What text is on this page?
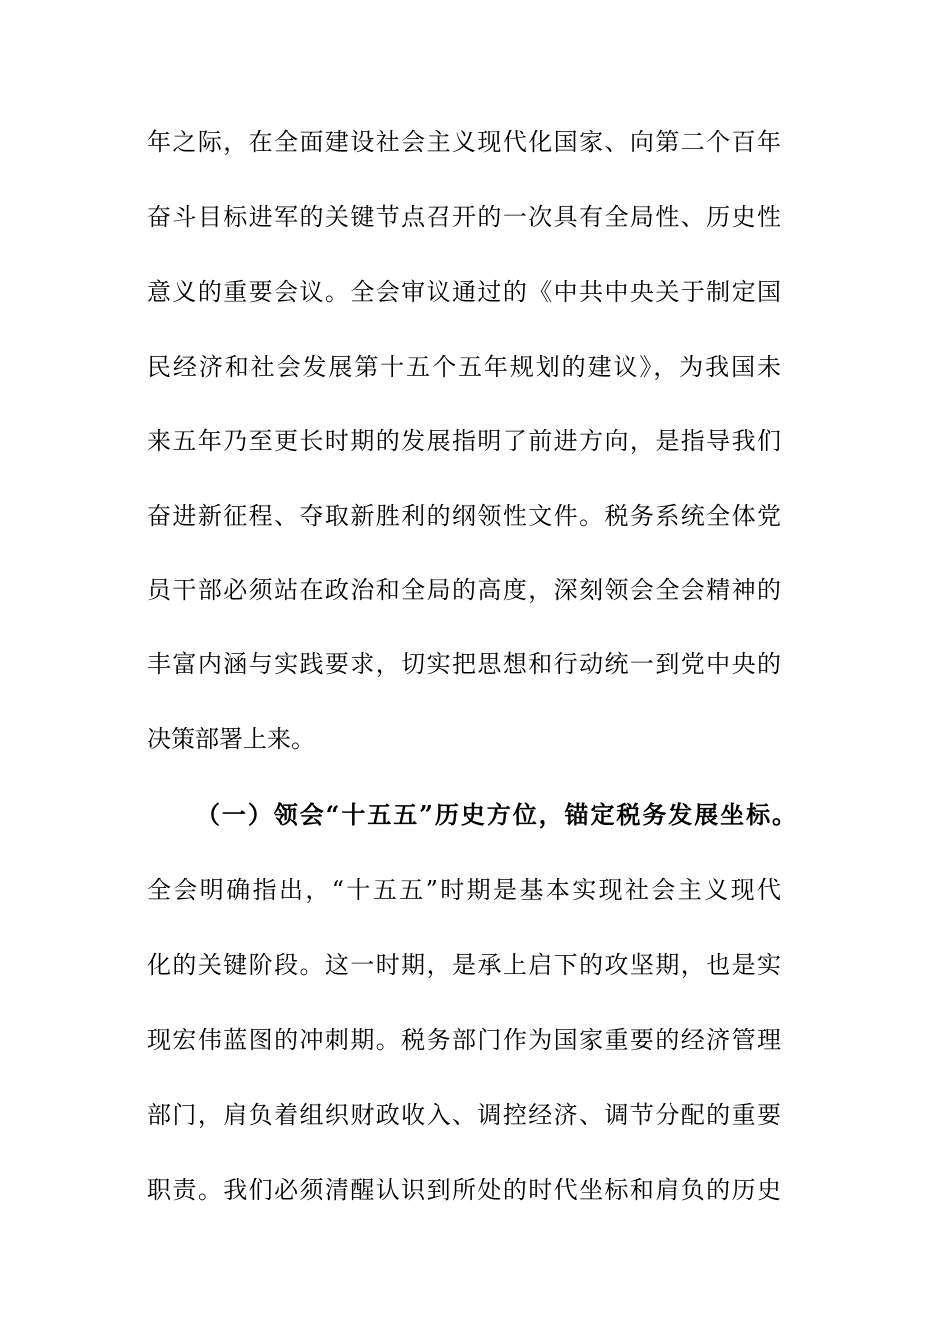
年之际，在全面建设社会主义现代化国家、向第二个百年
奋斗目标进军的关键节点召开的一次具有全局性、历史性
意义的重要会议。全会审议通过的《中共中央关于制定国
民经济和社会发展第十五个五年规划的建议》，为我国未
来五年乃至更长时期的发展指明了前进方向，是指导我们
奋进新征程、夺取新胜利的纲领性文件。税务系统全体党
员干部必须站在政治和全局的高度，深刻领会全会精神的
丰富内涵与实践要求，切实把思想和行动统一到党中央的
决策部署上来。
（一）领会“十五五”历史方位，锚定税务发展坐标。
全会明确指出，“十五五”时期是基本实现社会主义现代
化的关键阶段。这一时期，是承上启下的攻坚期，也是实
现宏伟蓝图的冲刺期。税务部门作为国家重要的经济管理
部门，肩负着组织财政收入、调控经济、调节分配的重要
职责。我们必须清醒认识到所处的时代坐标和肩负的历史
